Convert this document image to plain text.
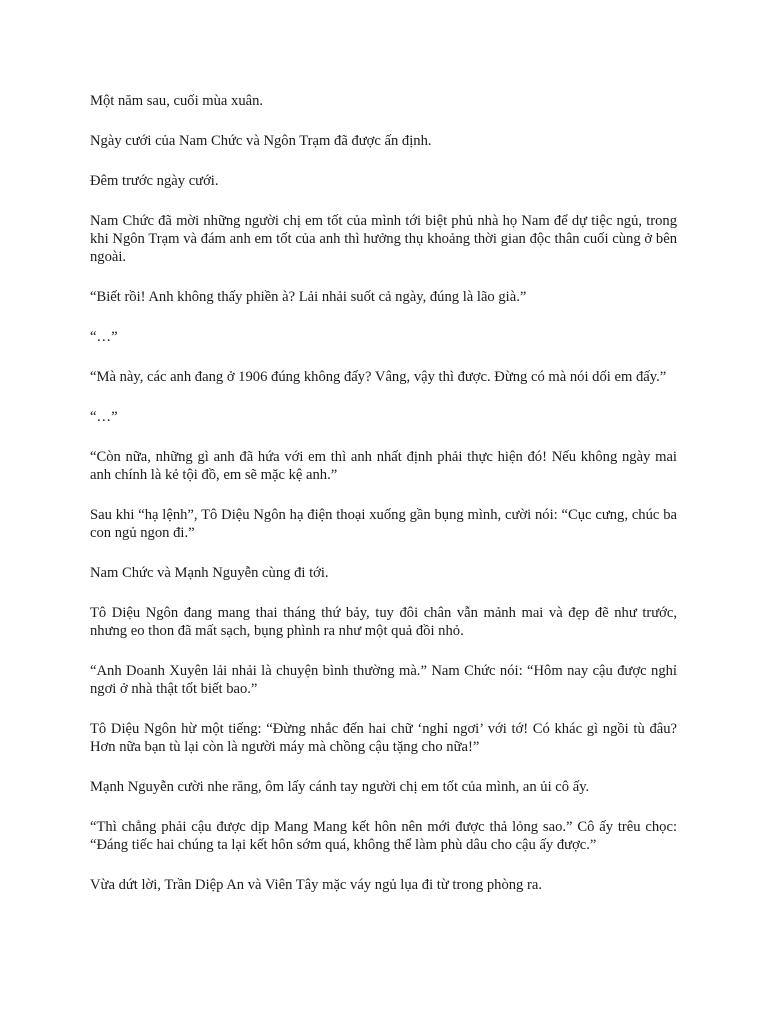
Một năm sau, cuối mùa xuân.

Ngày cưới của Nam Chức và Ngôn Trạm đã được ấn định.

Đêm trước ngày cưới.

Nam Chức đã mời những người chị em tốt của mình tới biệt phủ nhà họ Nam để dự tiệc ngủ, trong khi Ngôn Trạm và đám anh em tốt của anh thì hưởng thụ khoảng thời gian độc thân cuối cùng ở bên ngoài.

“Biết rồi! Anh không thấy phiền à? Lải nhải suốt cả ngày, đúng là lão già.”

“…”

“Mà này, các anh đang ở 1906 đúng không đấy? Vâng, vậy thì được. Đừng có mà nói dối em đấy.”

“…”

“Còn nữa, những gì anh đã hứa với em thì anh nhất định phải thực hiện đó! Nếu không ngày mai anh chính là kẻ tội đồ, em sẽ mặc kệ anh.”

Sau khi “hạ lệnh”, Tô Diệu Ngôn hạ điện thoại xuống gần bụng mình, cười nói: “Cục cưng, chúc ba con ngủ ngon đi.”

Nam Chức và Mạnh Nguyễn cùng đi tới.

Tô Diệu Ngôn đang mang thai tháng thứ bảy, tuy đôi chân vẫn mảnh mai và đẹp đẽ như trước, nhưng eo thon đã mất sạch, bụng phình ra như một quả đồi nhỏ.

“Anh Doanh Xuyên lải nhải là chuyện bình thường mà.” Nam Chức nói: “Hôm nay cậu được nghỉ ngơi ở nhà thật tốt biết bao.”

Tô Diệu Ngôn hừ một tiếng: “Đừng nhắc đến hai chữ ‘nghỉ ngơi’ với tớ! Có khác gì ngồi tù đâu? Hơn nữa bạn tù lại còn là người máy mà chồng cậu tặng cho nữa!”

Mạnh Nguyễn cười nhe răng, ôm lấy cánh tay người chị em tốt của mình, an ủi cô ấy.

“Thì chẳng phải cậu được dịp Mang Mang kết hôn nên mới được thả lỏng sao.” Cô ấy trêu chọc: “Đáng tiếc hai chúng ta lại kết hôn sớm quá, không thể làm phù dâu cho cậu ấy được.”

Vừa dứt lời, Trần Diệp An và Viên Tây mặc váy ngủ lụa đi từ trong phòng ra.
